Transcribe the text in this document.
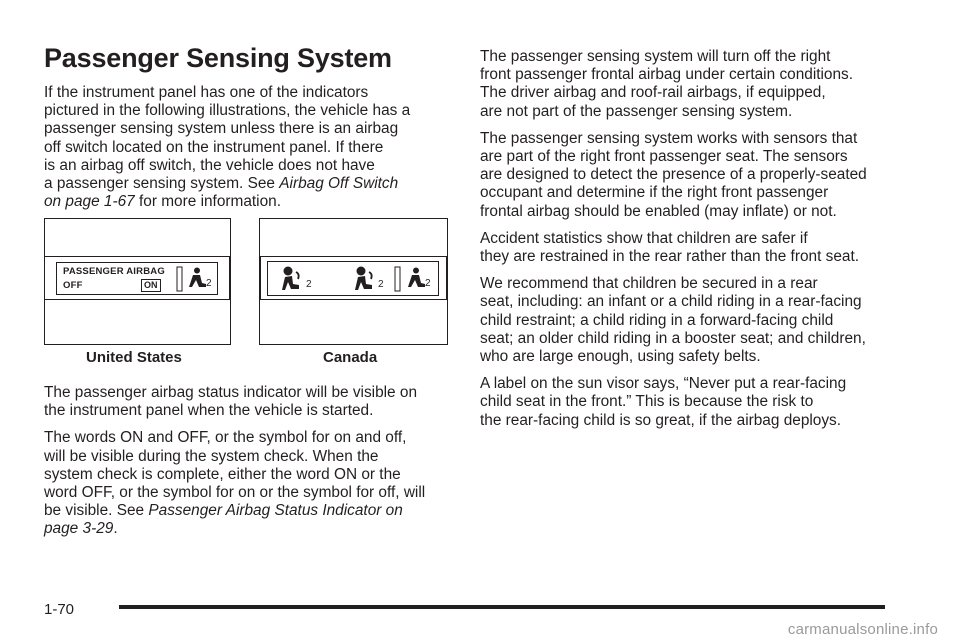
Passenger Sensing System
If the instrument panel has one of the indicators
pictured in the following illustrations, the vehicle has a
passenger sensing system unless there is an airbag
off switch located on the instrument panel. If there
is an airbag off switch, the vehicle does not have
a passenger sensing system. See Airbag Off Switch
on page 1-67 for more information.
PASSENGER AIRBAG
OFF	ON	2
United States
2	2	2
Canada

The passenger airbag status indicator will be visible on
the instrument panel when the vehicle is started.

The words ON and OFF, or the symbol for on and off,
will be visible during the system check. When the
system check is complete, either the word ON or the
word OFF, or the symbol for on or the symbol for off, will
be visible. See Passenger Airbag Status Indicator on
page 3-29.

The passenger sensing system will turn off the right
front passenger frontal airbag under certain conditions.
The driver airbag and roof-rail airbags, if equipped,
are not part of the passenger sensing system.

The passenger sensing system works with sensors that
are part of the right front passenger seat. The sensors
are designed to detect the presence of a properly-seated
occupant and determine if the right front passenger
frontal airbag should be enabled (may inflate) or not.

Accident statistics show that children are safer if
they are restrained in the rear rather than the front seat.

We recommend that children be secured in a rear
seat, including: an infant or a child riding in a rear-facing
child restraint; a child riding in a forward-facing child
seat; an older child riding in a booster seat; and children,
who are large enough, using safety belts.

A label on the sun visor says, “Never put a rear-facing
child seat in the front.” This is because the risk to
the rear-facing child is so great, if the airbag deploys.

1-70
carmanualsonline.info
